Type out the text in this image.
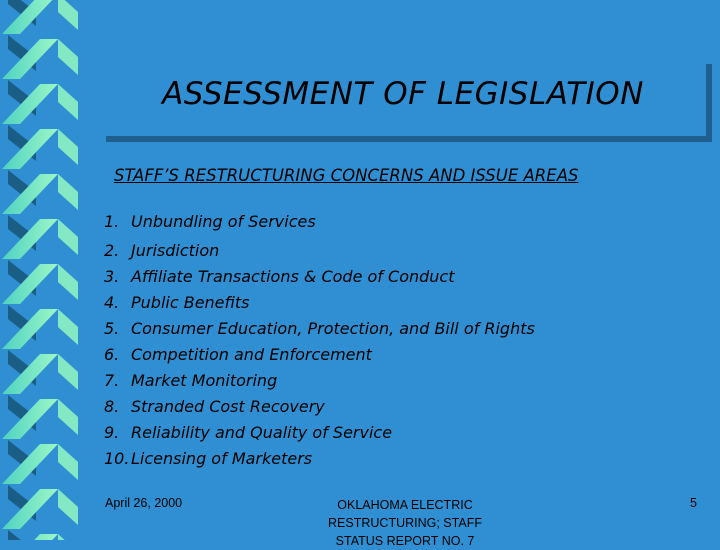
ASSESSMENT OF LEGISLATION
STAFF’S RESTRUCTURING CONCERNS AND ISSUE AREAS
1. Unbundling of Services
2. Jurisdiction
3. Affiliate Transactions & Code of Conduct
4. Public Benefits
5. Consumer Education, Protection, and Bill of Rights
6. Competition and Enforcement
7. Market Monitoring
8. Stranded Cost Recovery
9. Reliability and Quality of Service
10. Licensing of Marketers
April 26, 2000	OKLAHOMA ELECTRIC
RESTRUCTURING; STAFF
STATUS REPORT NO. 7
5
